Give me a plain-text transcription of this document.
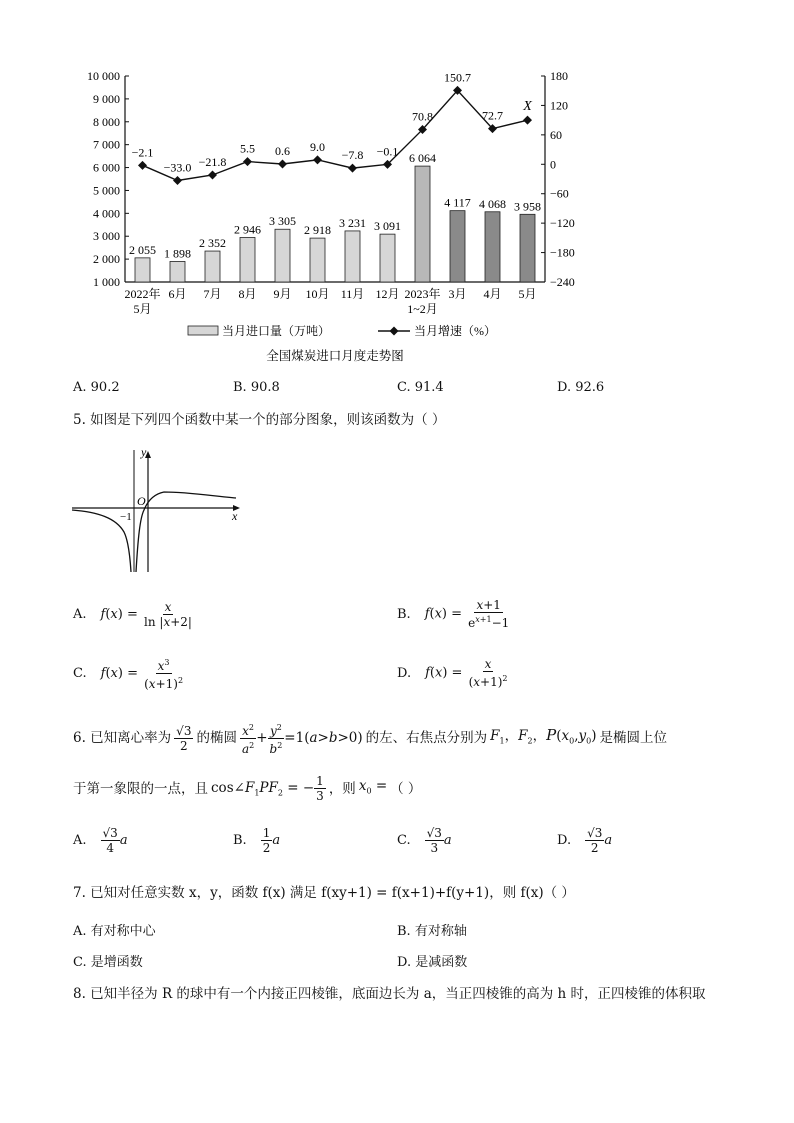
1 000
2 000
3 000
4 000
5 000
6 000
7 000
8 000
9 000
10 000
−240
−180
−120
−60
0
60
120
180
2 055 1 898
2 352
2 946
3 305
2 918
3 231 3 091
6 064
4 117 4 068 3 958
−2.1
−33.0 −21.8
5.5 0.6 9.0
−7.8 −0.1
70.8
150.7
72.7
X
2022年
5月
6月 7月 8月 9月 10月 11月 12月 2023年
1~2月
3月 4月 5月
当月进口量（万吨）	当月增速（%）
全国煤炭进口月度走势图
A. 90.2	B. 90.8	C. 91.4	D. 92.6
5. 如图是下列四个函数中某一个的部分图象，则该函数为（ ）
y
x
O
−1
A. $f(x) = \frac{x}{\ln |x+2|}$	B. $f(x) = \frac{x+1}{e^{x+1}-1}$
C. $f(x) = \frac{x^3}{(x+1)^2}$	D. $f(x) = \frac{x}{(x+1)^2}$
6. 已知离心率为 $\frac{√3}{2}$ 的椭圆 $\frac{x^2}{a^2} + \frac{y^2}{b^2} =1(a>b>0)$ 的左、右焦点分别为 $F_1$，$F_2$，$P(x_0,y_0)$ 是椭圆上位
于第一象限的一点，且 $\cos\angle F_1PF_2$ = − $\frac{1}{3}$ ，则 $x_0$ = （ ）
A. $\frac{√3}{4}$ a	B. $\frac{1}{2}$ a	C. $\frac{√3}{3}$ a	D. $\frac{√3}{2}$ a
7. 已知对任意实数 x，y，函数 f(x) 满足 f(xy+1) = f(x+1)+f(y+1)，则 f(x)（ ）
A. 有对称中心	B. 有对称轴
C. 是增函数	D. 是减函数
8. 已知半径为 R 的球中有一个内接正四棱锥，底面边长为 a，当正四棱锥的高为 h 时，正四棱锥的体积取
